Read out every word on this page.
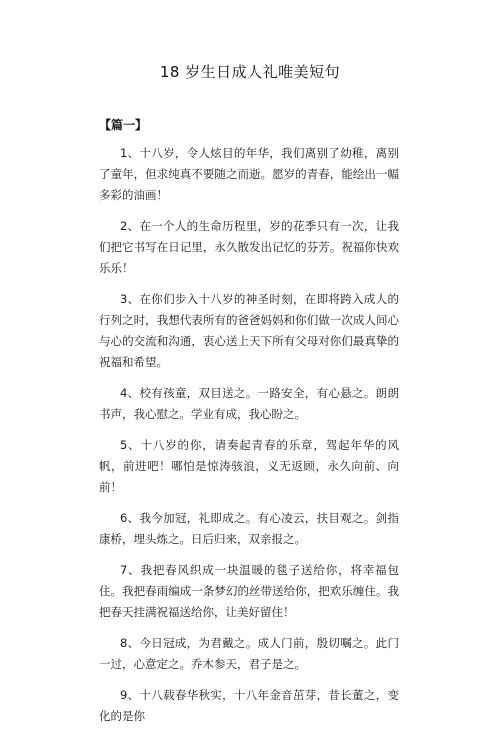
18 岁生日成人礼唯美短句
【篇一】

1、十八岁，令人炫目的年华，我们离别了幼稚，离别了童年，但求纯真不要随之而逝。愿岁的青春，能绘出一幅多彩的油画！

2、在一个人的生命历程里，岁的花季只有一次，让我们把它书写在日记里，永久散发出记忆的芬芳。祝福你快欢乐乐！

3、在你们步入十八岁的神圣时刻，在即将跨入成人的行列之时，我想代表所有的爸爸妈妈和你们做一次成人间心与心的交流和沟通，衷心送上天下所有父母对你们最真挚的祝福和希望。

4、校有孩童，双目送之。一路安全，有心悬之。朗朗书声，我心慰之。学业有成，我心盼之。

5、十八岁的你，请奏起青春的乐章，驾起年华的风帆，前进吧！哪怕是惊涛骇浪，义无返顾，永久向前、向前！

6、我今加冠，礼即成之。有心凌云，扶目观之。剑指康桥，埋头炼之。日后归来，双亲报之。

7、我把春风织成一块温暖的毯子送给你，将幸福包住。我把春雨编成一条梦幻的丝带送给你，把欢乐缠住。我把春天挂满祝福送给你，让美好留住！

8、今日冠成，为君戴之。成人门前，殷切嘱之。此门一过，心意定之。乔木参天，君子是之。

9、十八载春华秋实，十八年金音茁芽，昔长董之，变化的是你
